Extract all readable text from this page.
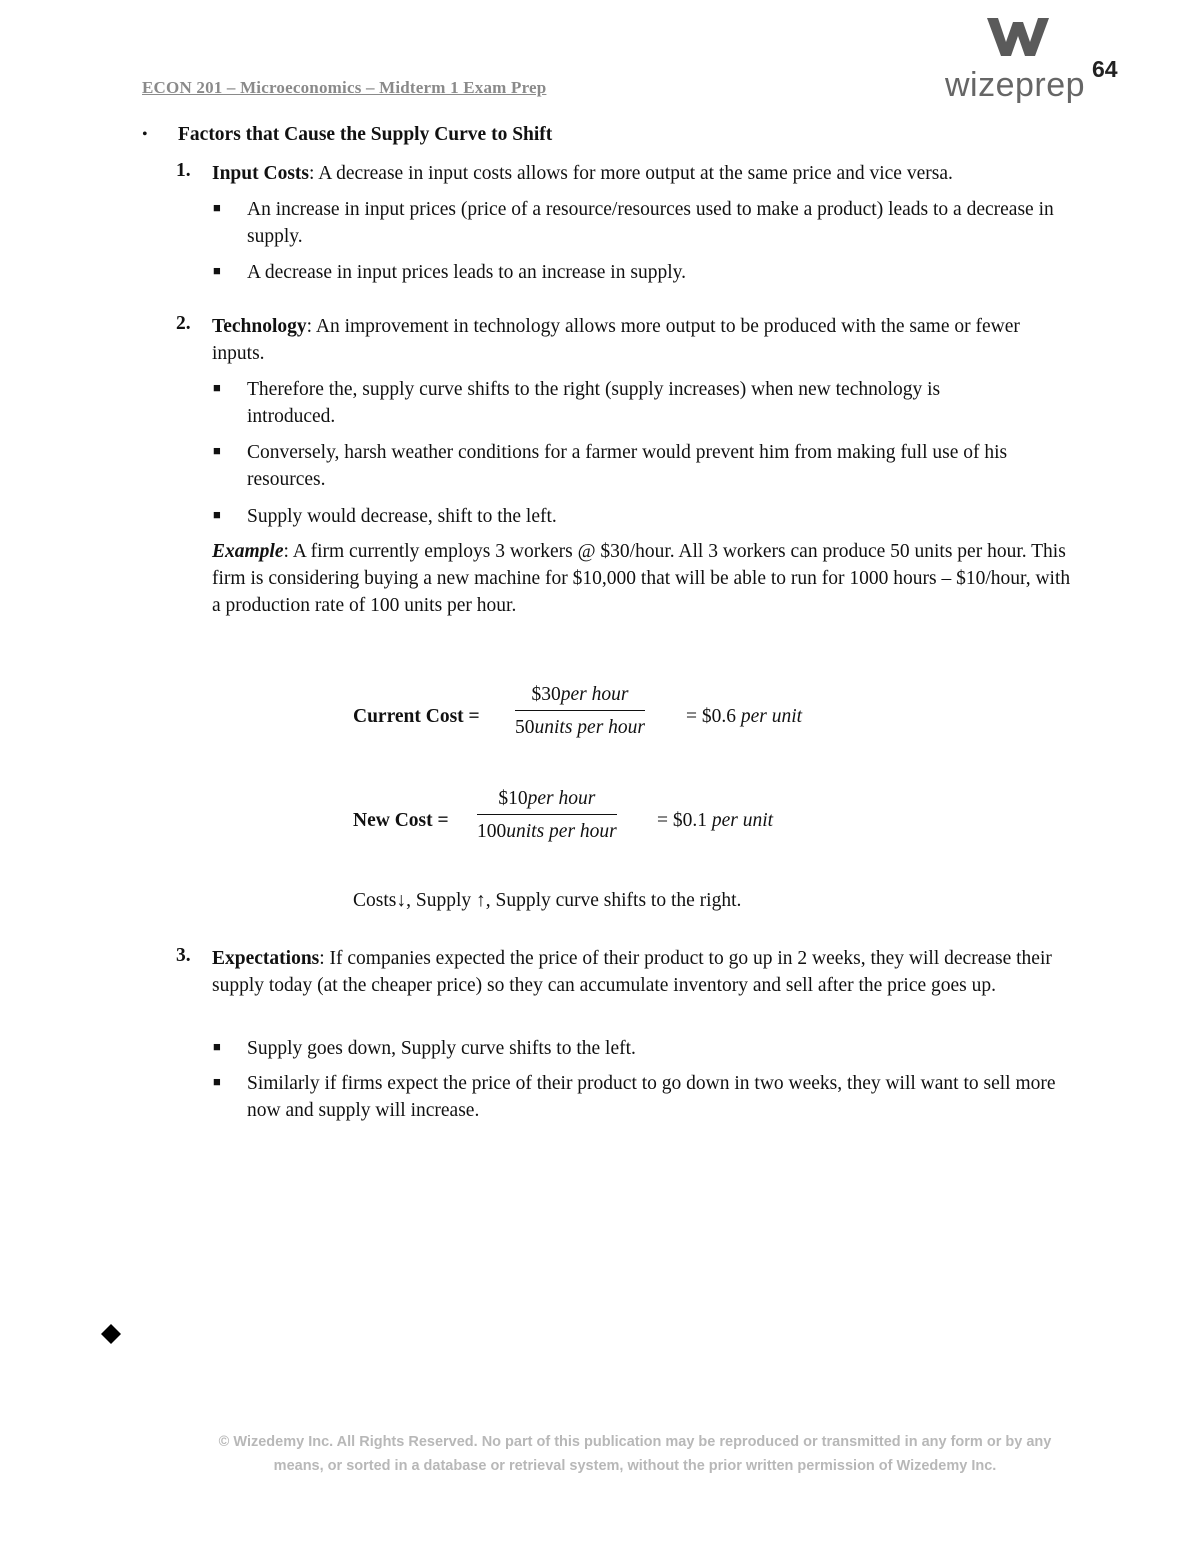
ECON 201 – Microeconomics – Midterm 1 Exam Prep	wizeprep 64
• Factors that Cause the Supply Curve to Shift
1. Input Costs: A decrease in input costs allows for more output at the same price and vice versa.
■ An increase in input prices (price of a resource/resources used to make a product) leads to a decrease in supply.
■ A decrease in input prices leads to an increase in supply.
2. Technology: An improvement in technology allows more output to be produced with the same or fewer inputs.
■ Therefore the, supply curve shifts to the right (supply increases) when new technology is introduced.
■ Conversely, harsh weather conditions for a farmer would prevent him from making full use of his resources.
■ Supply would decrease, shift to the left.
Example: A firm currently employs 3 workers @ $30/hour. All 3 workers can produce 50 units per hour. This firm is considering buying a new machine for $10,000 that will be able to run for 1000 hours – $10/hour, with a production rate of 100 units per hour.
Current Cost =
$30per hour
50units per hour
= $0.6 per unit
New Cost =
$10per hour
100units per hour
= $0.1 per unit
Costs↓, Supply ↑, Supply curve shifts to the right.
3. Expectations: If companies expected the price of their product to go up in 2 weeks, they will decrease their supply today (at the cheaper price) so they can accumulate inventory and sell after the price goes up.
■ Supply goes down, Supply curve shifts to the left.
■ Similarly if firms expect the price of their product to go down in two weeks, they will want to sell more now and supply will increase.
© Wizedemy Inc. All Rights Reserved. No part of this publication may be reproduced or transmitted in any form or by any
means, or sorted in a database or retrieval system, without the prior written permission of Wizedemy Inc.
